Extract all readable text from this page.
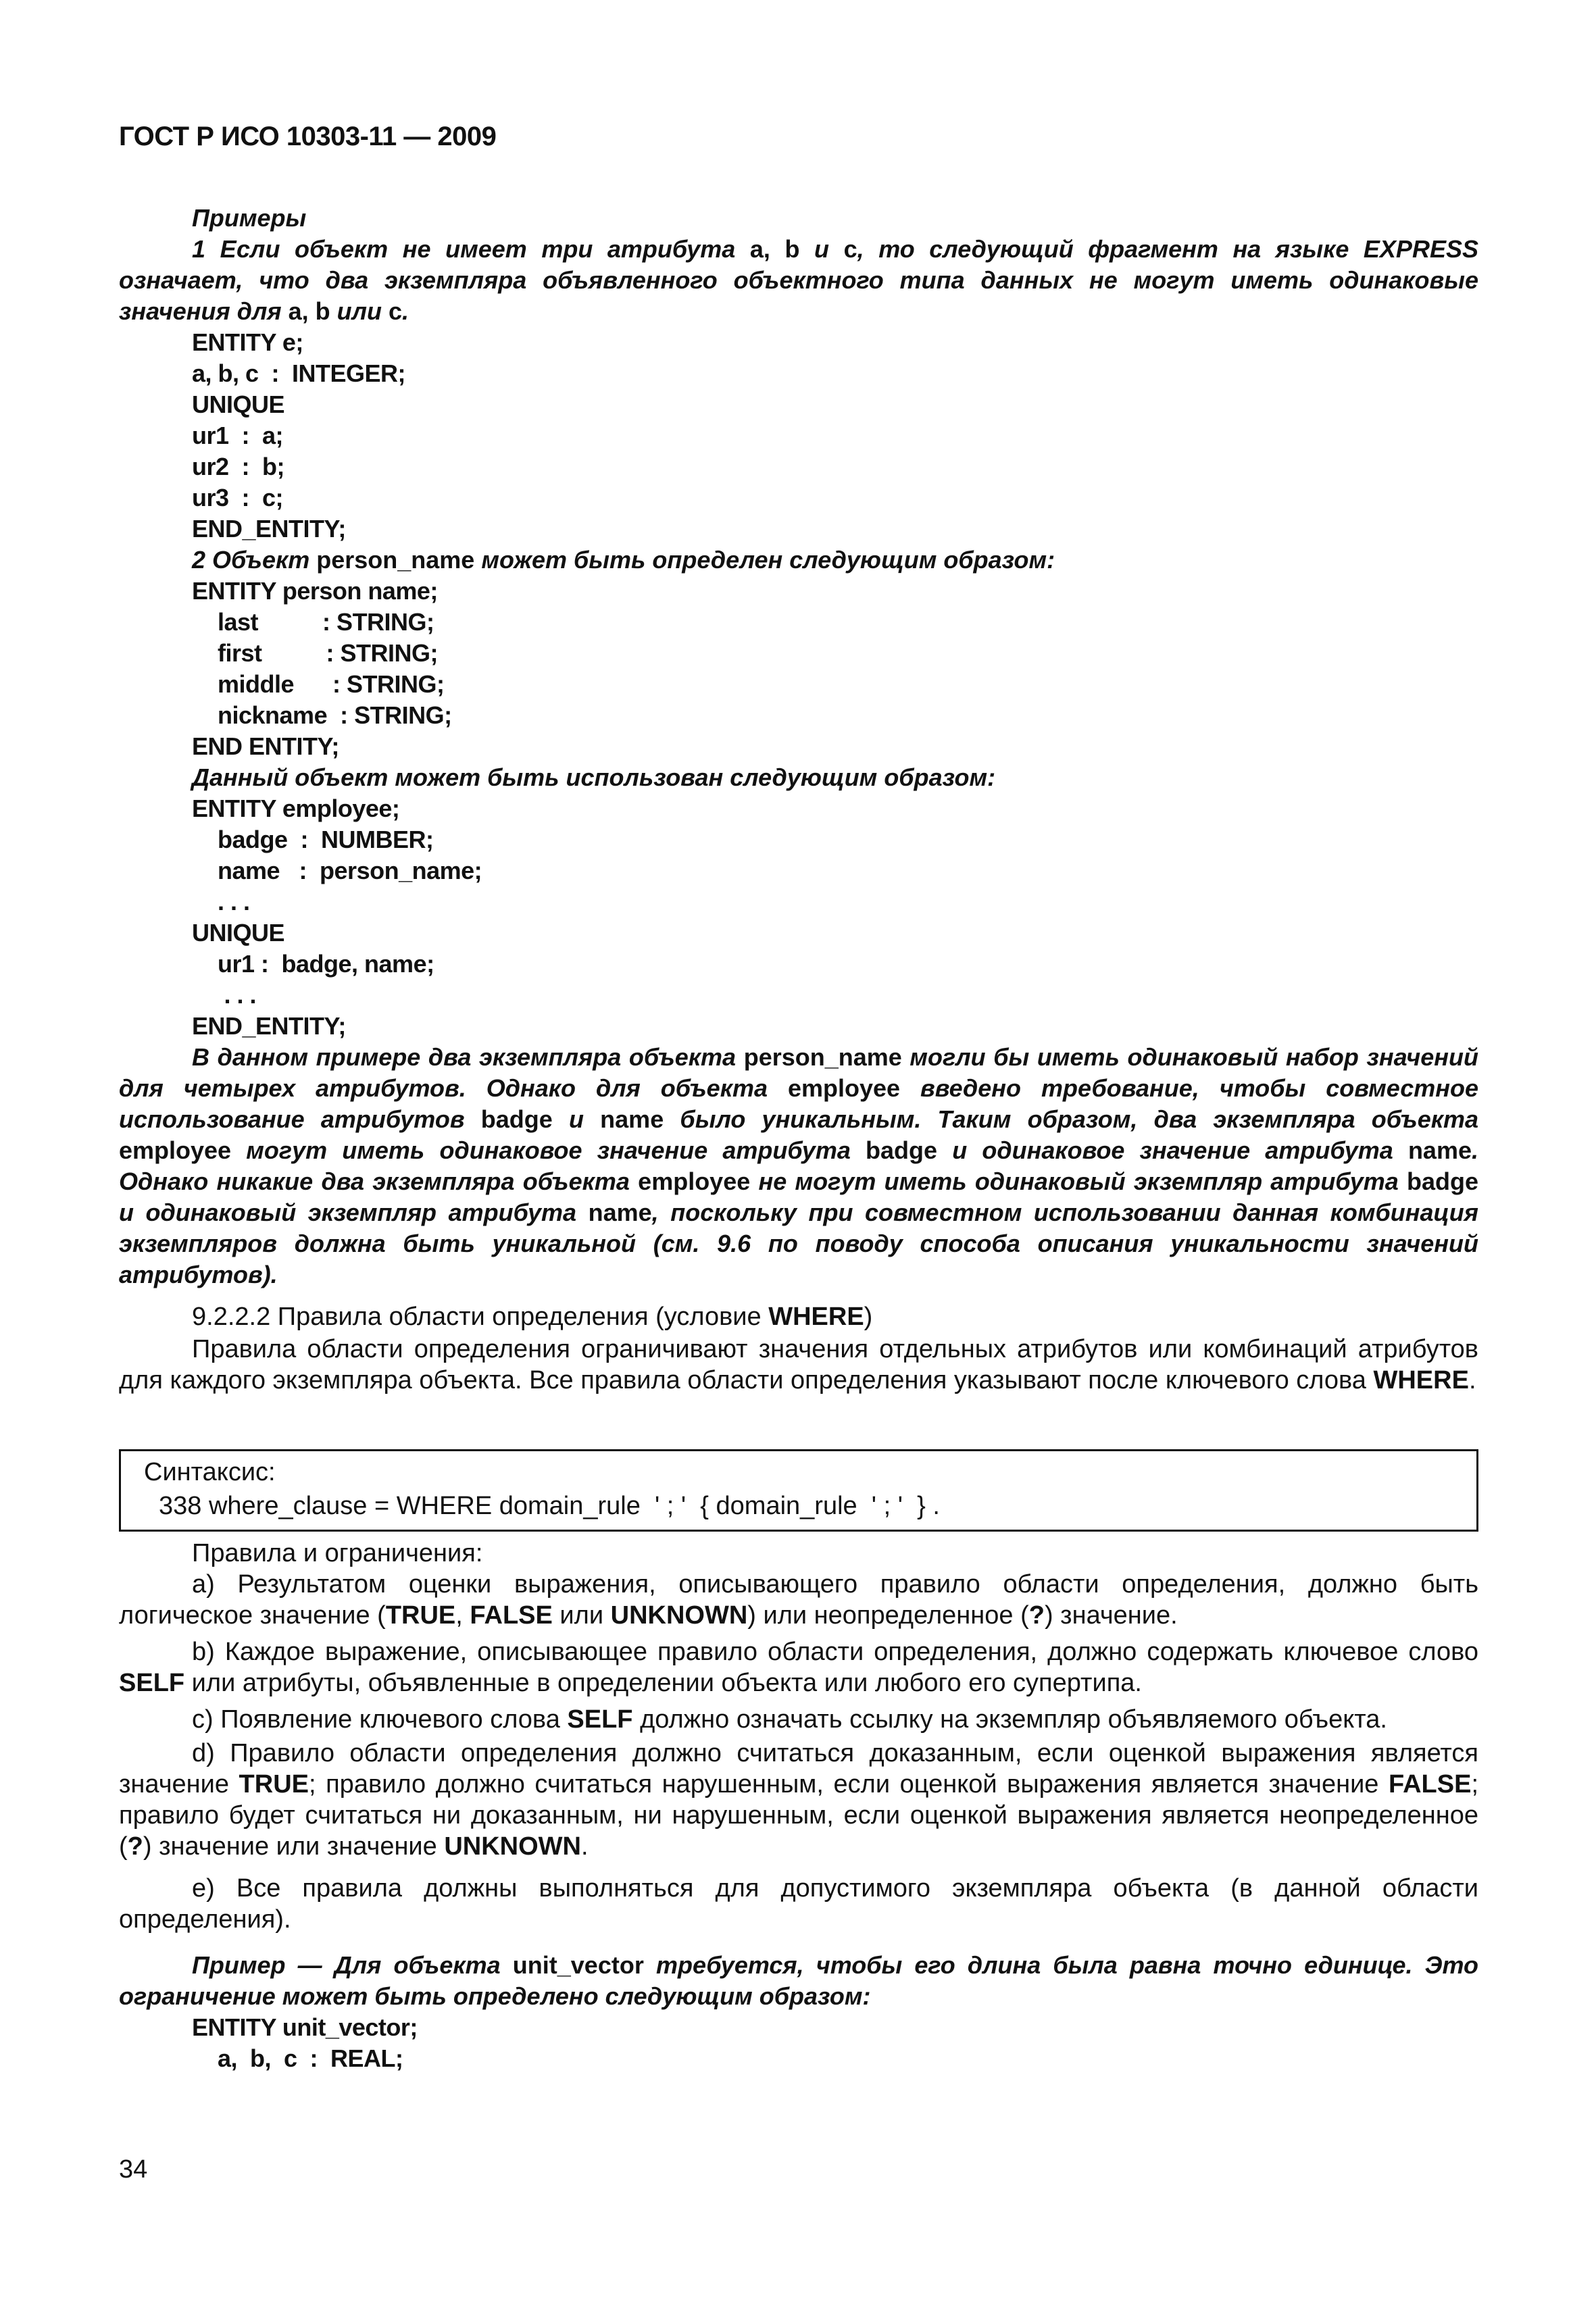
ГОСТ Р ИСО 10303-11 — 2009
Примеры
1 Если объект не имеет три атрибута a, b и c, то следующий фрагмент на языке EXPRESS означает, что два экземпляра объявленного объектного типа данных не могут иметь одинаковые значения для a, b или c.
ENTITY e;
a, b, c  :  INTEGER;
UNIQUE
ur1  :  a;
ur2  :  b;
ur3  :  c;
END_ENTITY;
2 Объект person_name может быть определен следующим образом:
ENTITY person name;
last          : STRING;
first          : STRING;
middle      : STRING;
nickname  : STRING;
END ENTITY;
Данный объект может быть использован следующим образом:
ENTITY employee;
badge  :  NUMBER;
name   :  person_name;
. . .
UNIQUE
ur1 :  badge, name;
. . .
END_ENTITY;
В данном примере два экземпляра объекта person_name могли бы иметь одинаковый набор значений для четырех атрибутов. Однако для объекта employee введено требование, чтобы совместное использование атрибутов badge и name было уникальным. Таким образом, два экземпляра объекта employee могут иметь одинаковое значение атрибута badge и одинаковое значение атрибута name. Однако никакие два экземпляра объекта employee не могут иметь одинаковый экземпляр атрибута badge и одинаковый экземпляр атрибута name, поскольку при совместном использовании данная комбинация экземпляров должна быть уникальной (см. 9.6 по поводу способа описания уникальности значений атрибутов).
9.2.2.2 Правила области определения (условие WHERE)
Правила области определения ограничивают значения отдельных атрибутов или комбинаций атрибутов для каждого экземпляра объекта. Все правила области определения указывают после ключевого слова WHERE.
Синтаксис:
338 where_clause = WHERE domain_rule  ' ; '  { domain_rule  ' ; '  } .
Правила и ограничения:
a) Результатом оценки выражения, описывающего правило области определения, должно быть логическое значение (TRUE, FALSE или UNKNOWN) или неопределенное (?) значение.
b) Каждое выражение, описывающее правило области определения, должно содержать ключевое слово SELF или атрибуты, объявленные в определении объекта или любого его супертипа.
c) Появление ключевого слова SELF должно означать ссылку на экземпляр объявляемого объекта.
d) Правило области определения должно считаться доказанным, если оценкой выражения является значение TRUE; правило должно считаться нарушенным, если оценкой выражения является значение FALSE; правило будет считаться ни доказанным, ни нарушенным, если оценкой выражения является неопределенное (?) значение или значение UNKNOWN.
e) Все правила должны выполняться для допустимого экземпляра объекта (в данной области определения).
Пример — Для объекта unit_vector требуется, чтобы его длина была равна точно единице. Это ограничение может быть определено следующим образом:
ENTITY unit_vector;
a,  b,  c  :  REAL;
34
